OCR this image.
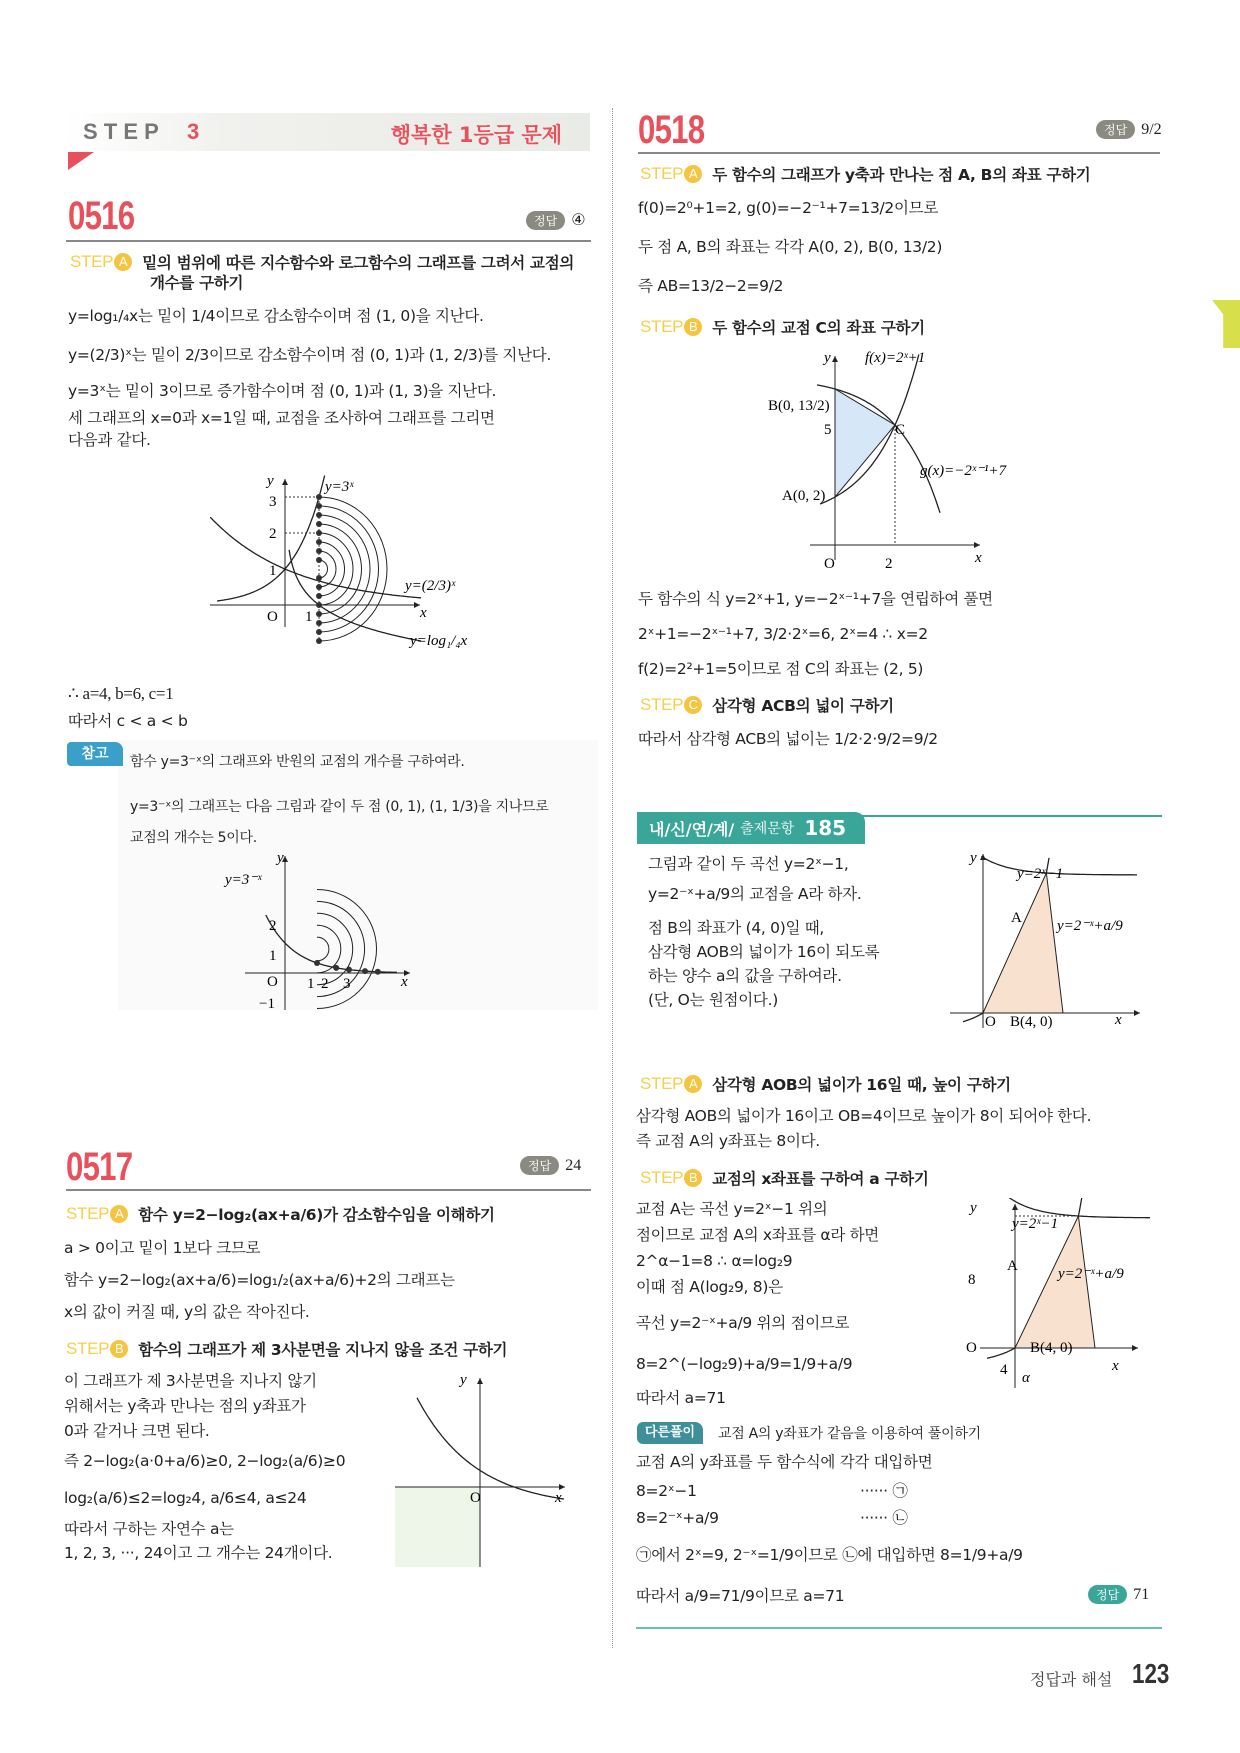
S T E P 3	행복한 1등급 문제
0516	정답 ④
STEP A 밑의 범위에 따른 지수함수와 로그함수의 그래프를 그려서 교점의
개수를 구하기
y=log₁/₄x는 밑이 1/4이므로 감소함수이며 점 (1, 0)을 지난다.
y=(2/3)ˣ는 밑이 2/3이므로 감소함수이며 점 (0, 1)과 (1, 2/3)를 지난다.
y=3ˣ는 밑이 3이므로 증가함수이며 점 (0, 1)과 (1, 3)을 지난다.
세 그래프의 x=0과 x=1일 때, 교점을 조사하여 그래프를 그리면
다음과 같다.
y
x
O
1
2
3
1
y=3ˣ
y=(2/3)ˣ
y=log₁/₄x
∴ a=4, b=6, c=1
따라서 c < a < b
참고	함수 y=3⁻ˣ의 그래프와 반원의 교점의 개수를 구하여라.
y=3⁻ˣ의 그래프는 다음 그림과 같이 두 점 (0, 1), (1, 1/3)을 지나므로
교점의 개수는 5이다.
y
y=3⁻ˣ
2
1
O
−1
1 2 3	x
0517	정답 24
STEP A 함수 y=2−log₂(ax+a/6)가 감소함수임을 이해하기
a > 0이고 밑이 1보다 크므로
함수 y=2−log₂(ax+a/6)=log₁/₂(ax+a/6)+2의 그래프는
x의 값이 커질 때, y의 값은 작아진다.
STEP B 함수의 그래프가 제 3사분면을 지나지 않을 조건 구하기
이 그래프가 제 3사분면을 지나지 않기
위해서는 y축과 만나는 점의 y좌표가
0과 같거나 크면 된다.
즉 2−log₂(a·0+a/6)≥0, 2−log₂(a/6)≥0
log₂(a/6)≤2=log₂4, a/6≤4, a≤24
따라서 구하는 자연수 a는
1, 2, 3, ···, 24이고 그 개수는 24개이다.
y
O	x
0518	정답 9/2
STEP A 두 함수의 그래프가 y축과 만나는 점 A, B의 좌표 구하기
f(0)=2⁰+1=2, g(0)=−2⁻¹+7=13/2이므로
두 점 A, B의 좌표는 각각 A(0, 2), B(0, 13/2)
즉 AB=13/2−2=9/2
STEP B 두 함수의 교점 C의 좌표 구하기
y f(x)=2ˣ+1
g(x)=−2ˣ⁻¹+7
B(0, 13/2)
A(0, 2)
C
5
O	2	x
두 함수의 식 y=2ˣ+1, y=−2ˣ⁻¹+7을 연립하여 풀면
2ˣ+1=−2ˣ⁻¹+7, 3/2·2ˣ=6, 2ˣ=4 ∴ x=2
f(2)=2²+1=5이므로 점 C의 좌표는 (2, 5)
STEP C 삼각형 ACB의 넓이 구하기
따라서 삼각형 ACB의 넓이는 1/2·2·9/2=9/2
내/신/연/계/ 출제문항 185
그림과 같이 두 곡선 y=2ˣ−1,
y=2⁻ˣ+a/9의 교점을 A라 하자.
점 B의 좌표가 (4, 0)일 때,
삼각형 AOB의 넓이가 16이 되도록
하는 양수 a의 값을 구하여라.
(단, O는 원점이다.)
y
y=2ˣ−1
y=2⁻ˣ+a/9
A
O B(4, 0)	x
STEP A 삼각형 AOB의 넓이가 16일 때, 높이 구하기
삼각형 AOB의 넓이가 16이고 OB=4이므로 높이가 8이 되어야 한다.
즉 교점 A의 y좌표는 8이다.
STEP B 교점의 x좌표를 구하여 a 구하기
교점 A는 곡선 y=2ˣ−1 위의
점이므로 교점 A의 x좌표를 α라 하면
2^α−1=8 ∴ α=log₂9
이때 점 A(log₂9, 8)은
곡선 y=2⁻ˣ+a/9 위의 점이므로
8=2^(−log₂9)+a/9=1/9+a/9
따라서 a=71
y
y=2ˣ−1
y=2⁻ˣ+a/9
A
8
O	B(4, 0)
4 α
x
다른풀이	교점 A의 y좌표가 같음을 이용하여 풀이하기
교점 A의 y좌표를 두 함수식에 각각 대입하면
8=2ˣ−1	······ ㉠
8=2⁻ˣ+a/9	······ ㉡
㉠에서 2ˣ=9, 2⁻ˣ=1/9이므로 ㉡에 대입하면 8=1/9+a/9
따라서 a/9=71/9이므로 a=71	정답 71
정답과 해설 123
